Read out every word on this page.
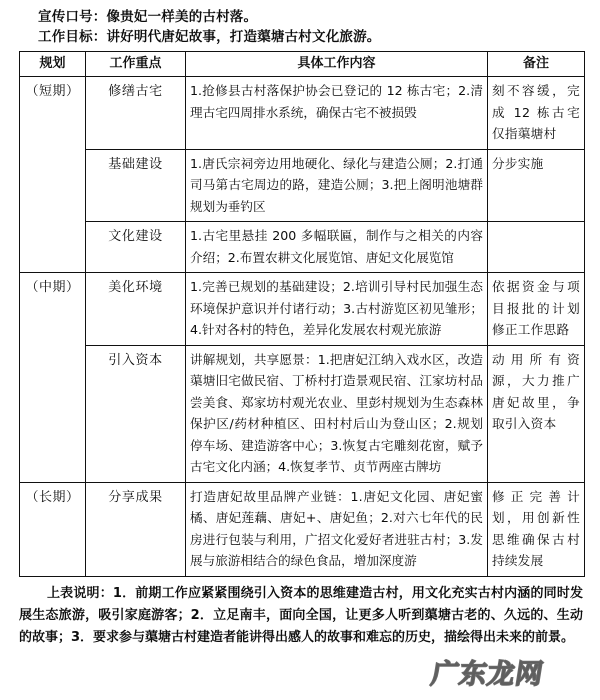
宣传口号：像贵妃一样美的古村落。
工作目标：讲好明代唐妃故事，打造蕖塘古村文化旅游。
规划	工作重点	具体工作内容	备注
（短期）	修缮古宅	1.抢修县古村落保护协会已登记的 12 栋古宅；2.清理古宅四周排水系统，确保古宅不被损毁	刻不容缓，完成 12 栋古宅仅指蕖塘村
	基础建设	1.唐氏宗祠旁边用地硬化、绿化与建造公厕；2.打通司马第古宅周边的路，建造公厕；3.把上阁明池塘群规划为垂钓区	分步实施
	文化建设	1.古宅里悬挂 200 多幅联匾，制作与之相关的内容介绍；2.布置农耕文化展览馆、唐妃文化展览馆	
（中期）	美化环境	1.完善已规划的基础建设；2.培训引导村民加强生态环境保护意识并付诸行动；3.古村游览区初见雏形；4.针对各村的特色，差异化发展农村观光旅游	依据资金与项目报批的计划修正工作思路
	引入资本	讲解规划，共享愿景：1.把唐妃江纳入戏水区，改造蕖塘旧宅做民宿、丁桥村打造景观民宿、江家坊村品尝美食、郑家坊村观光农业、里彭村规划为生态森林保护区/药材种植区、田村村后山为登山区；2.规划停车场、建造游客中心；3.恢复古宅雕刻花窗，赋予古宅文化内涵；4.恢复孝节、贞节两座古牌坊	动用所有资源，大力推广唐妃故里，争取引入资本
（长期）	分享成果	打造唐妃故里品牌产业链：1.唐妃文化园、唐妃蜜橘、唐妃莲藕、唐妃+、唐妃鱼；2.对六七年代的民房进行包装与利用，广招文化爱好者进驻古村；3.发展与旅游相结合的绿色食品，增加深度游	修正完善计划，用创新性思维确保古村持续发展
上表说明：1．前期工作应紧紧围绕引入资本的思维建造古村，用文化充实古村内涵的同时发展生态旅游，吸引家庭游客；2．立足南丰，面向全国，让更多人听到蕖塘古老的、久远的、生动的故事；3．要求参与蕖塘古村建造者能讲得出感人的故事和难忘的历史，描绘得出未来的前景。
广东龙网
